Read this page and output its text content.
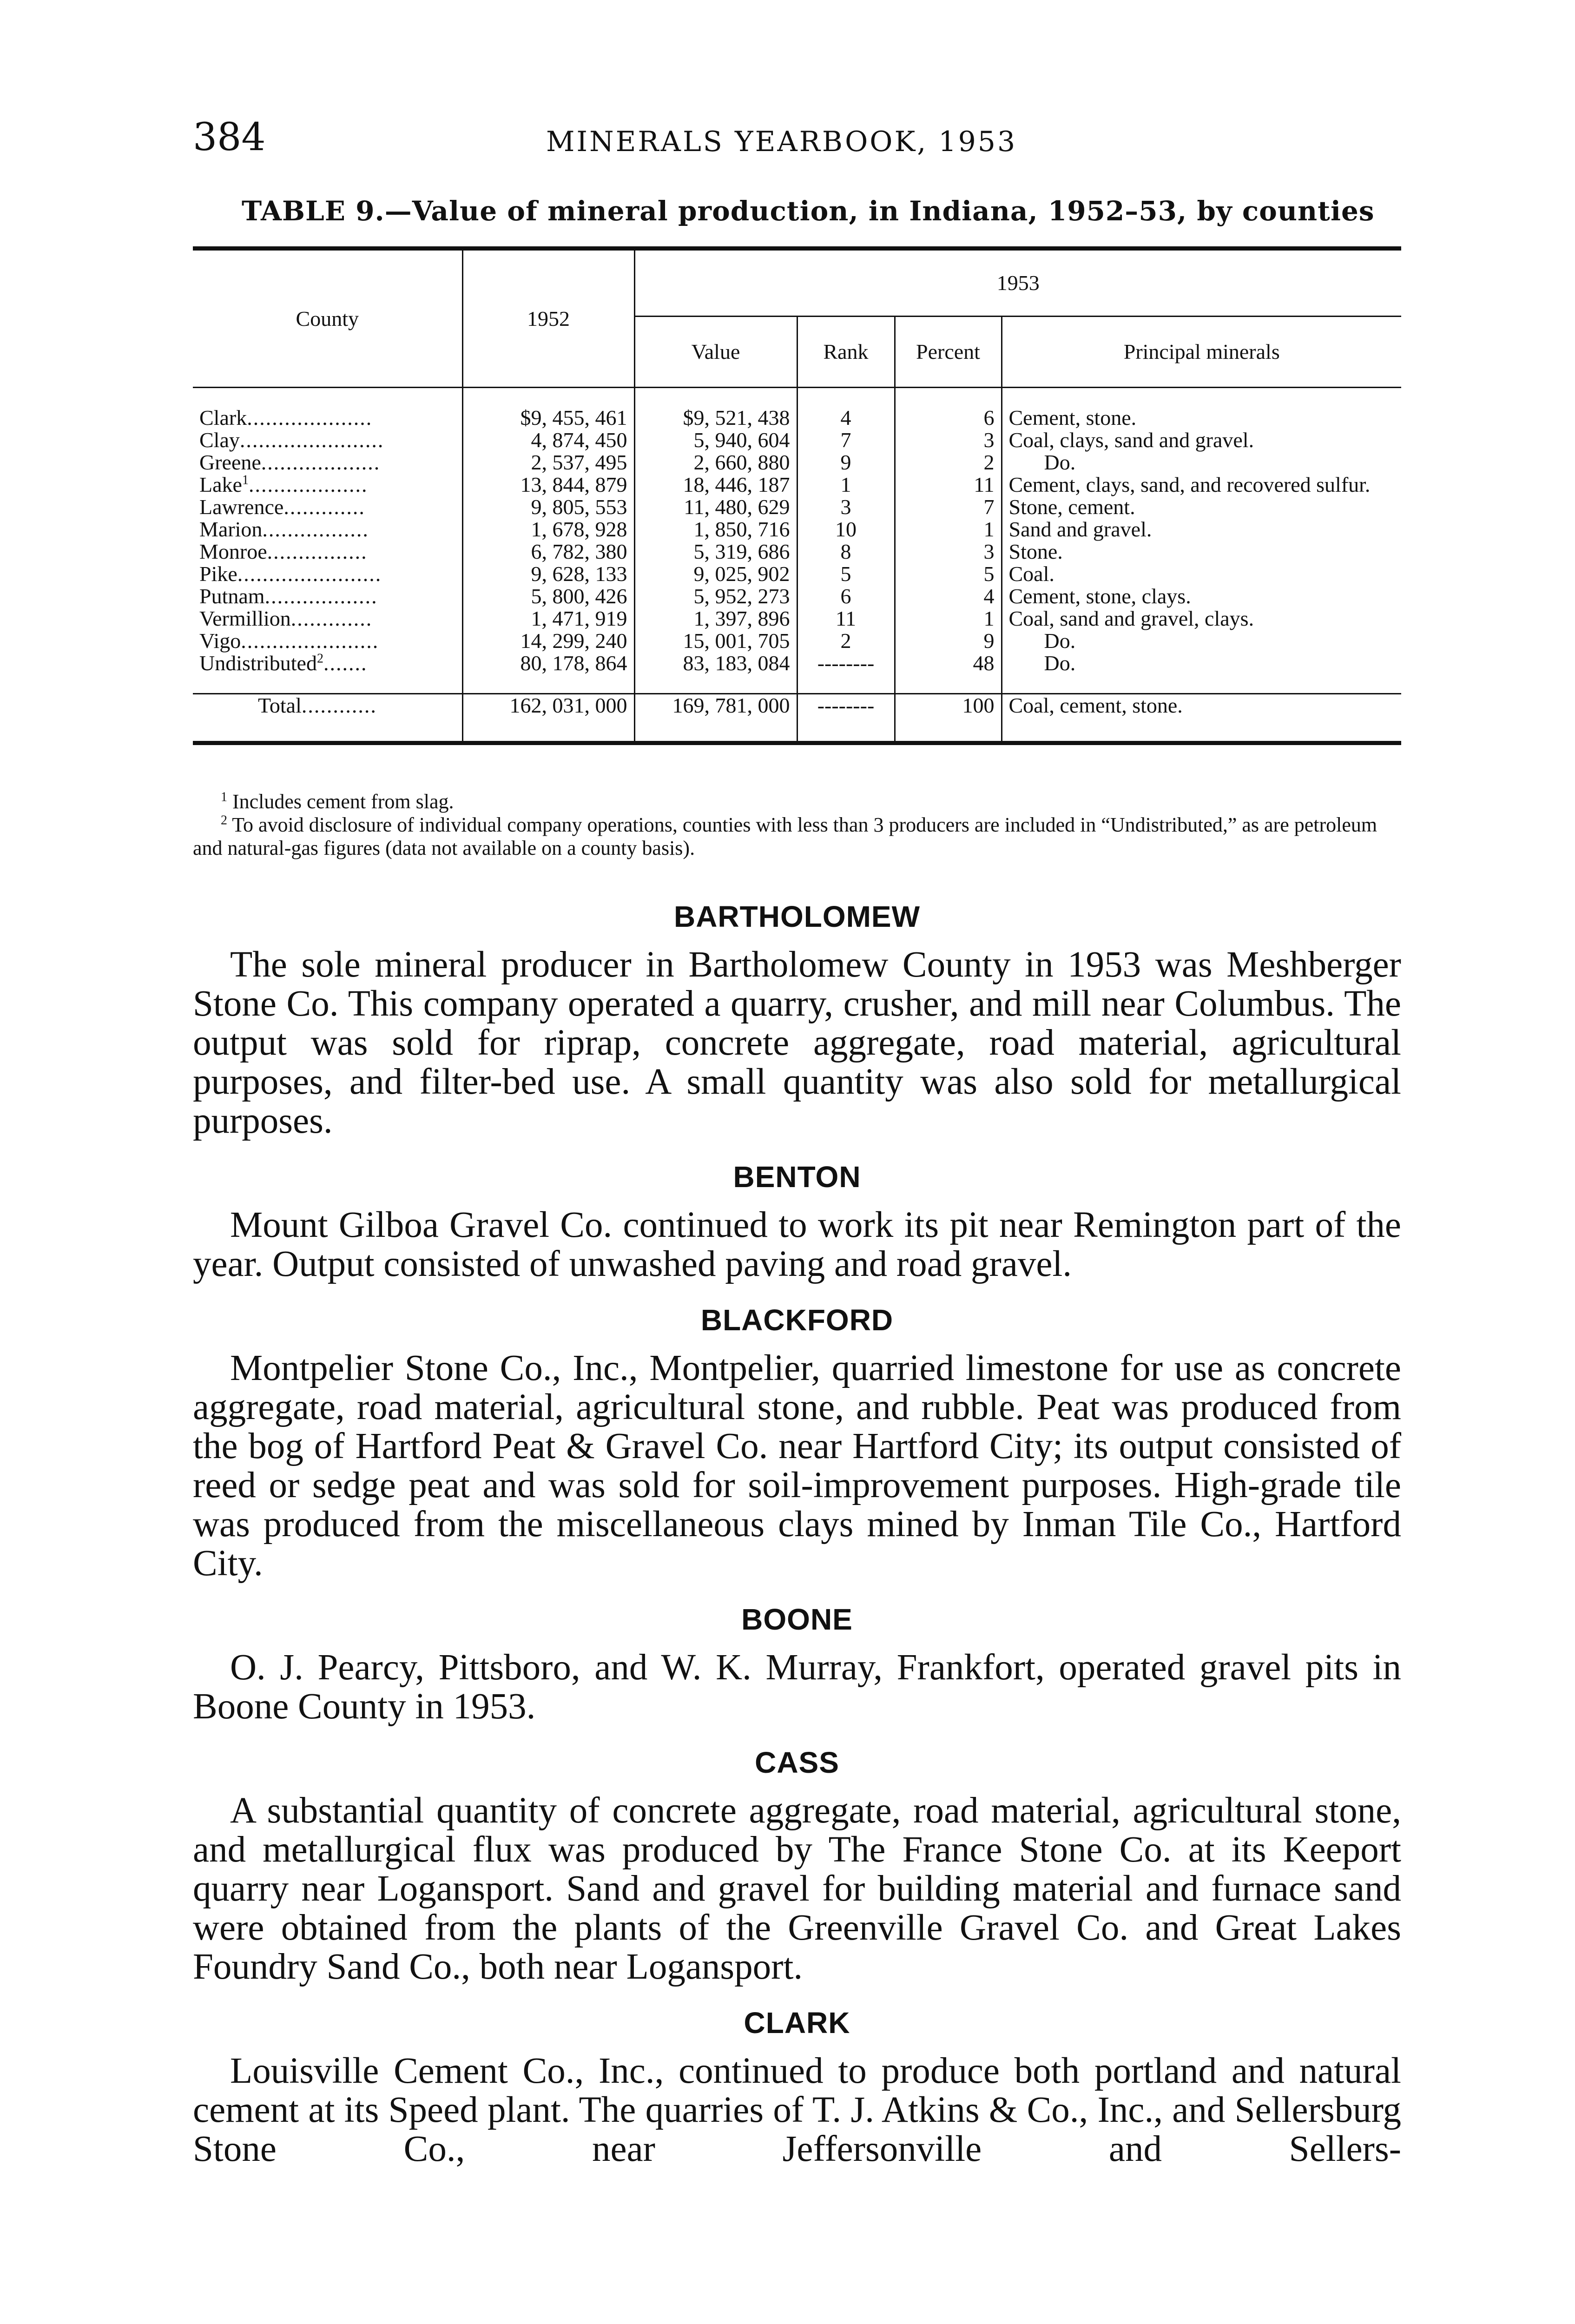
384	MINERALS YEARBOOK, 1953
TABLE 9.—Value of mineral production, in Indiana, 1952–53, by counties
County	1952	1953			
		Value	Rank	Percent	Principal minerals

Clark....................	$9, 455, 461	$9, 521, 438	4	6	Cement, stone.
Clay.......................	4, 874, 450	5, 940, 604	7	3	Coal, clays, sand and gravel.
Greene...................	2, 537, 495	2, 660, 880	9	2	Do.
Lake$^1$...................	13, 844, 879	18, 446, 187	1	11	Cement, clays, sand, and recovered sulfur.
Lawrence.............	9, 805, 553	11, 480, 629	3	7	Stone, cement.
Marion.................	1, 678, 928	1, 850, 716	10	1	Sand and gravel.
Monroe................	6, 782, 380	5, 319, 686	8	3	Stone.
Pike.......................	9, 628, 133	9, 025, 902	5	5	Coal.
Putnam..................	5, 800, 426	5, 952, 273	6	4	Cement, stone, clays.
Vermillion.............	1, 471, 919	1, 397, 896	11	1	Coal, sand and gravel, clays.
Vigo......................	14, 299, 240	15, 001, 705	2	9	Do.
Undistributed$^2$.......	80, 178, 864	83, 183, 084	--------	48	Do.

Total............	162, 031, 000	169, 781, 000	--------	100	Coal, cement, stone.

$^1$ Includes cement from slag.

$^2$ To avoid disclosure of individual company operations, counties with less than 3 producers are included in “Undistributed,” as are petroleum and natural-gas figures (data not available on a county basis).

BARTHOLOMEW

The sole mineral producer in Bartholomew County in 1953 was Meshberger Stone Co. This company operated a quarry, crusher, and mill near Columbus. The output was sold for riprap, concrete aggregate, road material, agricultural purposes, and filter-bed use. A small quantity was also sold for metallurgical purposes.

BENTON

Mount Gilboa Gravel Co. continued to work its pit near Remington part of the year. Output consisted of unwashed paving and road gravel.

BLACKFORD

Montpelier Stone Co., Inc., Montpelier, quarried limestone for use as concrete aggregate, road material, agricultural stone, and rubble. Peat was produced from the bog of Hartford Peat & Gravel Co. near Hartford City; its output consisted of reed or sedge peat and was sold for soil-improvement purposes. High-grade tile was produced from the miscellaneous clays mined by Inman Tile Co., Hartford City.

BOONE

O. J. Pearcy, Pittsboro, and W. K. Murray, Frankfort, operated gravel pits in Boone County in 1953.

CASS

A substantial quantity of concrete aggregate, road material, agricultural stone, and metallurgical flux was produced by The France Stone Co. at its Keeport quarry near Logansport. Sand and gravel for building material and furnace sand were obtained from the plants of the Greenville Gravel Co. and Great Lakes Foundry Sand Co., both near Logansport.

CLARK

Louisville Cement Co., Inc., continued to produce both portland and natural cement at its Speed plant. The quarries of T. J. Atkins & Co., Inc., and Sellersburg Stone Co., near Jeffersonville and Sellers-
